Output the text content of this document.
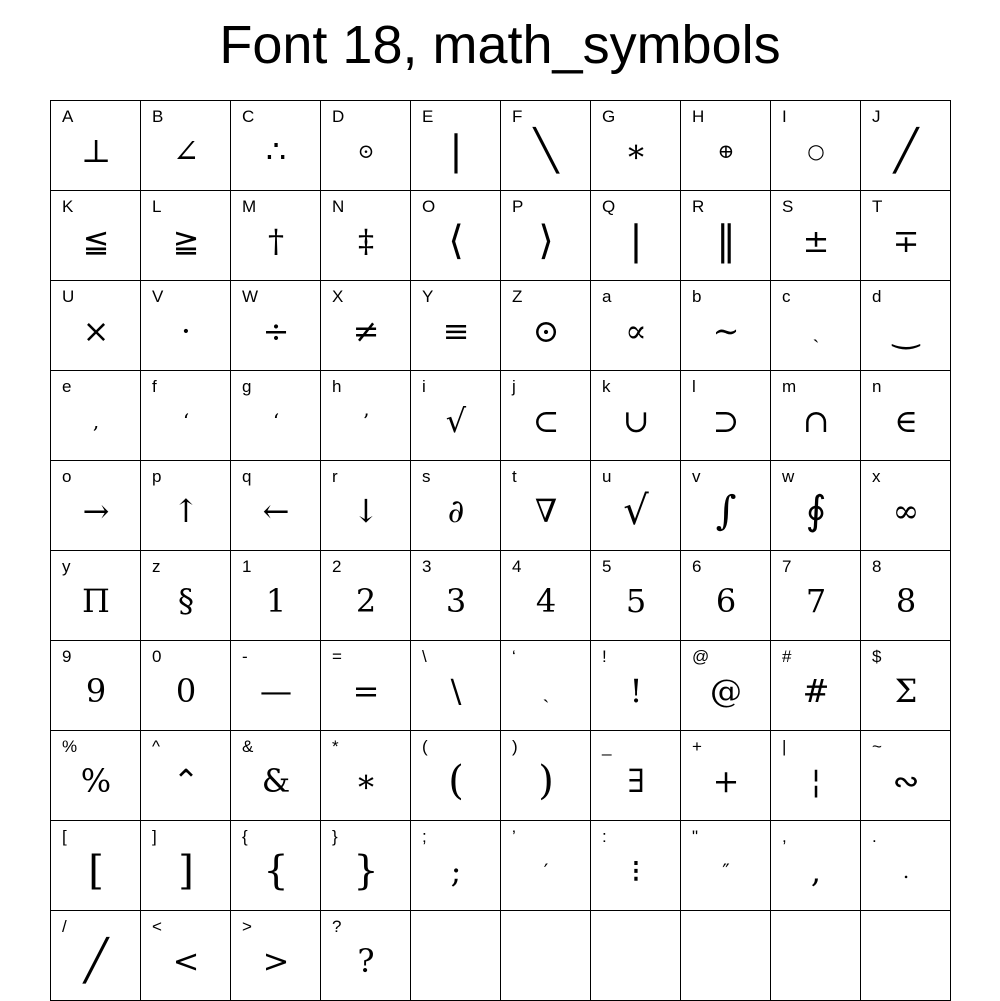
Font 18, math_symbols
A
⊥
B
∠
C
∴
D
⊙
E
|
F
╲
G
∗
H
⊕
I
○
J
╱
K
≦
L
≧
M
†
N
‡
O
⟨
P
⟩
Q
|
R
‖
S
±
T
∓
U
×
V
·
W
÷
X
≠
Y
≡
Z
⊙
a
∝
b
∼
c
ˏ
d
‿
e
,
f
‘
g
‘
h
’
i
√
j
⊂
k
∪
l
⊃
m
∩
n
∈
o
→
p
↑
q
←
r
↓
s
∂
t
∇
u
√
v
∫
w
∮
x
∞
y
Π
z
§
1
1
2
2
3
3
4
4
5
5
6
6
7
7
8
8
9
9
0
0
-
—
=
=
\
\
‘
ˎ
!
!
@
@
#
#
$
Σ
%
%
^
⌃
&
&
*
∗
(
(
)
)
_
∃
+
+
|
¦
~
∾
[
[
]
]
{
{
}
}
;
;
’
′
:
⁝
"
″
,
,
.
.
/
╱
<
<
>
>
?
?
